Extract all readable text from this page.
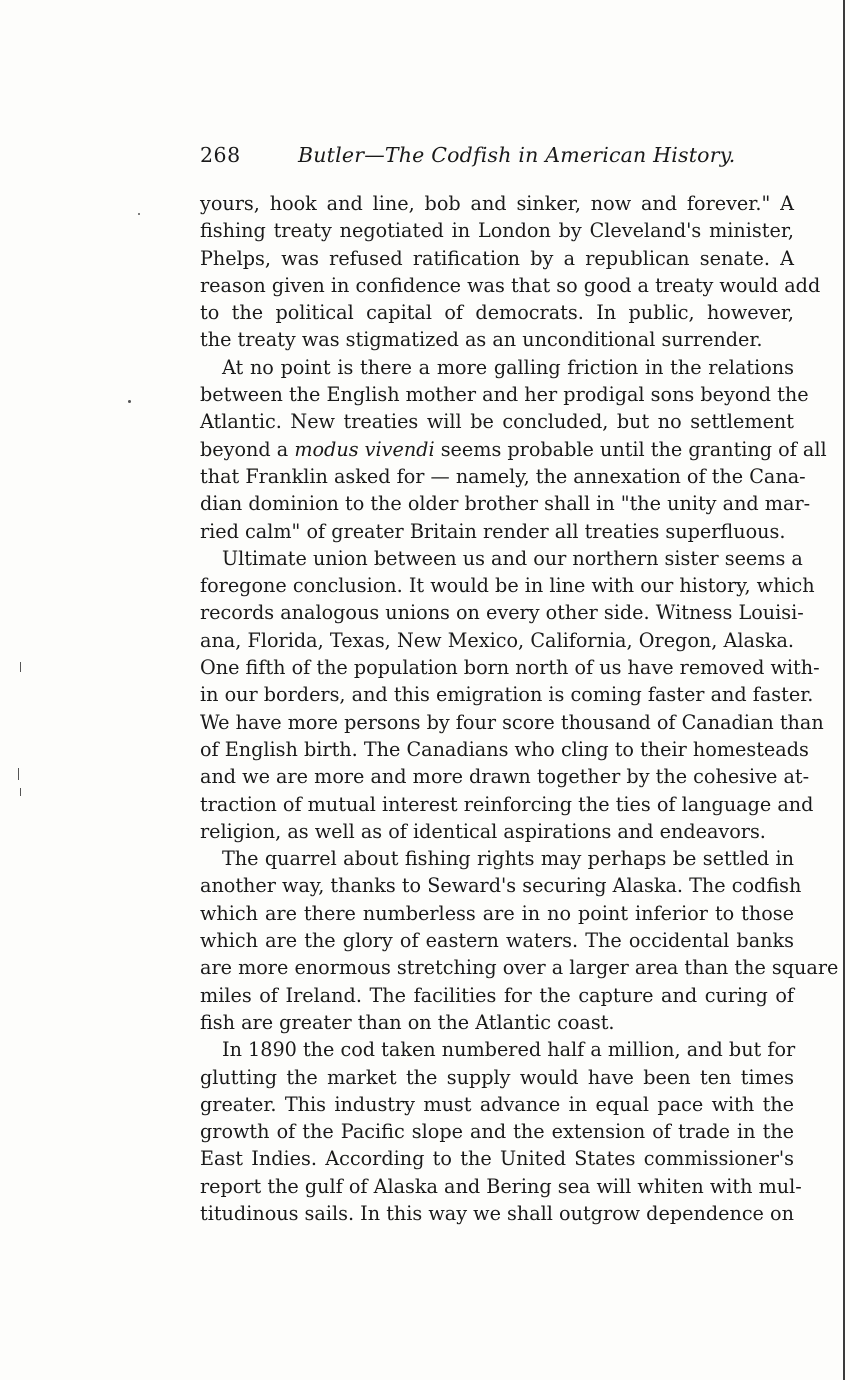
268	Butler—The Codfish in American History.
yours, hook and line, bob and sinker, now and forever." A
fishing treaty negotiated in London by Cleveland's minister,
Phelps, was refused ratification by a republican senate. A
reason given in confidence was that so good a treaty would add
to the political capital of democrats. In public, however,
the treaty was stigmatized as an unconditional surrender.
At no point is there a more galling friction in the relations
between the English mother and her prodigal sons beyond the
Atlantic. New treaties will be concluded, but no settlement
beyond a modus vivendi seems probable until the granting of all
that Franklin asked for — namely, the annexation of the Cana-
dian dominion to the older brother shall in "the unity and mar-
ried calm" of greater Britain render all treaties superfluous.
Ultimate union between us and our northern sister seems a
foregone conclusion. It would be in line with our history, which
records analogous unions on every other side. Witness Louisi-
ana, Florida, Texas, New Mexico, California, Oregon, Alaska.
One fifth of the population born north of us have removed with-
in our borders, and this emigration is coming faster and faster.
We have more persons by four score thousand of Canadian than
of English birth. The Canadians who cling to their homesteads
and we are more and more drawn together by the cohesive at-
traction of mutual interest reinforcing the ties of language and
religion, as well as of identical aspirations and endeavors.
The quarrel about fishing rights may perhaps be settled in
another way, thanks to Seward's securing Alaska. The codfish
which are there numberless are in no point inferior to those
which are the glory of eastern waters. The occidental banks
are more enormous stretching over a larger area than the square
miles of Ireland. The facilities for the capture and curing of
fish are greater than on the Atlantic coast.
In 1890 the cod taken numbered half a million, and but for
glutting the market the supply would have been ten times
greater. This industry must advance in equal pace with the
growth of the Pacific slope and the extension of trade in the
East Indies. According to the United States commissioner's
report the gulf of Alaska and Bering sea will whiten with mul-
titudinous sails. In this way we shall outgrow dependence on
